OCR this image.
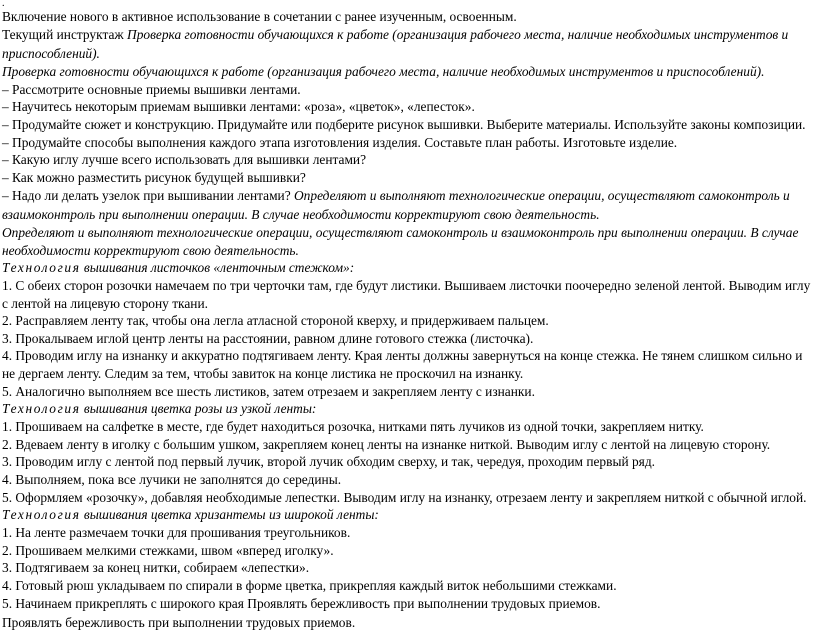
.
Включение нового в активное использование в сочетании с ранее изученным, освоенным.
Текущий инструктаж Проверка готовности обучающихся к работе (организация рабочего места, наличие необходимых инструментов и приспособлений).
Проверка готовности обучающихся к работе (организация рабочего места, наличие необходимых инструментов и приспособлений).
– Рассмотрите основные приемы вышивки лентами.
– Научитесь некоторым приемам вышивки лентами: «роза», «цветок», «лепесток».
– Продумайте сюжет и конструкцию. Придумайте или подберите рисунок вышивки. Выберите материалы. Используйте законы композиции.
– Продумайте способы выполнения каждого этапа изготовления изделия. Составьте план работы. Изготовьте изделие.
– Какую иглу лучше всего использовать для вышивки лентами?
– Как можно разместить рисунок будущей вышивки?
– Надо ли делать узелок при вышивании лентами? Определяют и выполняют технологические операции, осуществляют самоконтроль и взаимоконтроль при выполнении операции. В случае необходимости корректируют свою деятельность.
Определяют и выполняют технологические операции, осуществляют самоконтроль и взаимоконтроль при выполнении операции. В случае необходимости корректируют свою деятельность.
Технология вышивания листочков «ленточным стежком»:
1. С обеих сторон розочки намечаем по три черточки там, где будут листики. Вышиваем листочки поочередно зеленой лентой. Выводим иглу с лентой на лицевую сторону ткани.
2. Расправляем ленту так, чтобы она легла атласной стороной кверху, и придерживаем пальцем.
3. Прокалываем иглой центр ленты на расстоянии, равном длине готового стежка (листочка).
4. Проводим иглу на изнанку и аккуратно подтягиваем ленту. Края ленты должны завернуться на конце стежка. Не тянем слишком сильно и не дергаем ленту. Следим за тем, чтобы завиток на конце листика не проскочил на изнанку.
5. Аналогично выполняем все шесть листиков, затем отрезаем и закрепляем ленту с изнанки.
Технология вышивания цветка розы из узкой ленты:
1. Прошиваем на салфетке в месте, где будет находиться розочка, нитками пять лучиков из одной точки, закрепляем нитку.
2. Вдеваем ленту в иголку с большим ушком, закрепляем конец ленты на изнанке ниткой. Выводим иглу с лентой на лицевую сторону.
3. Проводим иглу с лентой под первый лучик, второй лучик обходим сверху, и так, чередуя, проходим первый ряд.
4. Выполняем, пока все лучики не заполнятся до середины.
5. Оформляем «розочку», добавляя необходимые лепестки. Выводим иглу на изнанку, отрезаем ленту и закрепляем ниткой с обычной иглой.
Технология вышивания цветка хризантемы из широкой ленты:
1. На ленте размечаем точки для прошивания треугольников.
2. Прошиваем мелкими стежками, швом «вперед иголку».
3. Подтягиваем за конец нитки, собираем «лепестки».
4. Готовый рюш укладываем по спирали в форме цветка, прикрепляя каждый виток небольшими стежками.
5. Начинаем прикреплять с широкого края Проявлять бережливость при выполнении трудовых приемов.
Проявлять бережливость при выполнении трудовых приемов.
